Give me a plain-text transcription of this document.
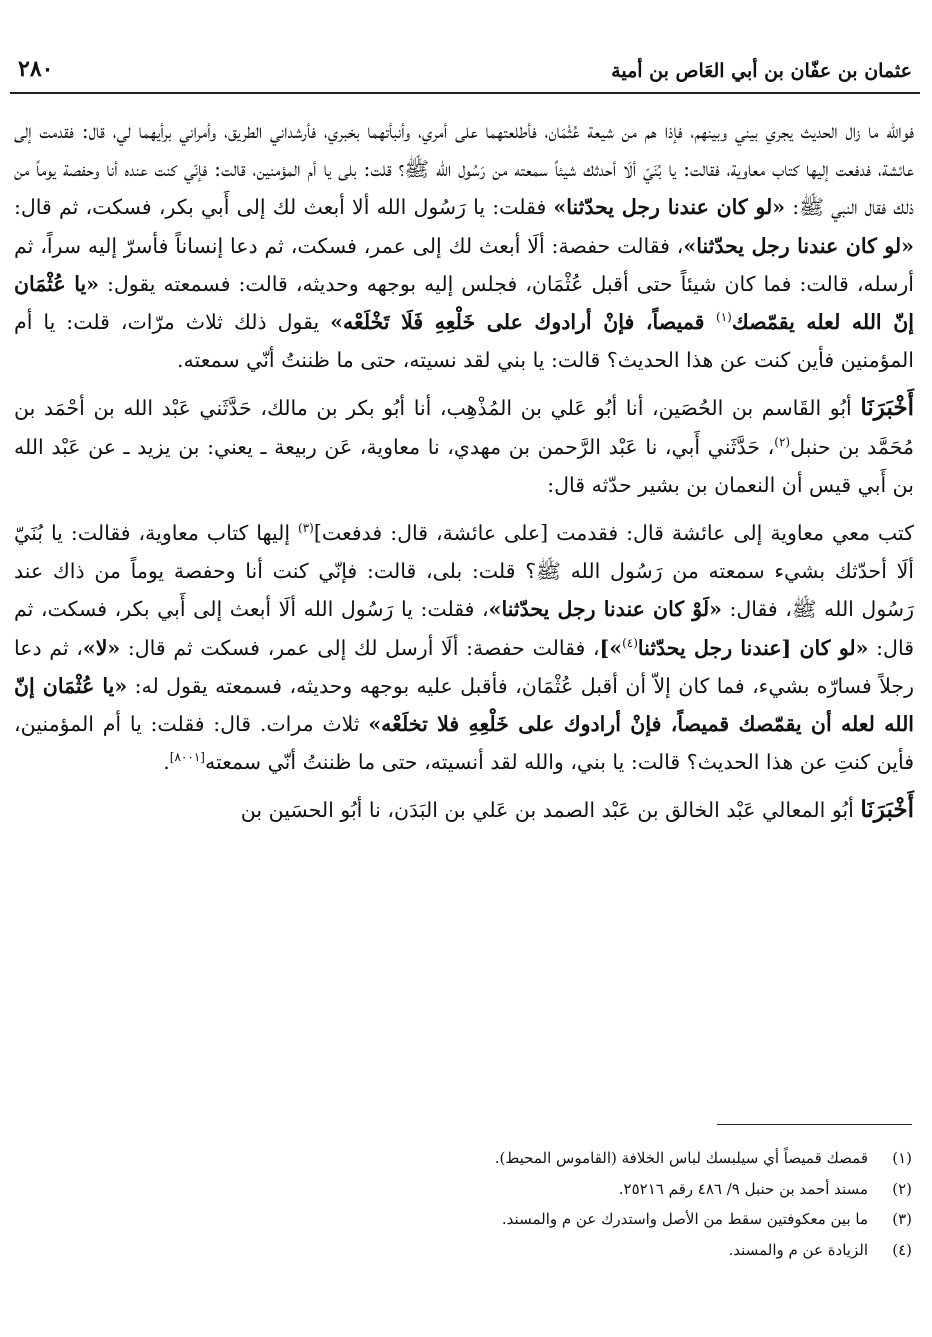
عثمان بن عفّان بن أبي العَاص بن أمية
٢٨٠

فوالله ما زال الحديث يجري بيني وبينهم، فإذا هم من شيعة عُثْمَان، فأطلعتهما على أمري، وأنبأتهما بخبري، فأرشداني الطريق، وأمراني برأيهما لي، قال: فقدمت إلى عائشة، فدفعت إليها كتاب معاوية، فقالت: يا بُنَيّ ألَا أحدثك شيئاً سمعته من رَسُول الله ﷺ؟ قلت: بلى يا أم المؤمنين، قالت: فإنّي كنت عنده أنا وحفصة يوماً من ذلك فقال النبي ﷺ: «لو كان عندنا رجل يحدّثنا» فقلت: يا رَسُول الله ألا أبعث لك إلى أَبي بكر، فسكت، ثم قال: «لو كان عندنا رجل يحدّثنا»، فقالت حفصة: ألَا أبعث لك إلى عمر، فسكت، ثم دعا إنساناً فأسرّ إليه سراً، ثم أرسله، قالت: فما كان شيئاً حتى أقبل عُثْمَان، فجلس إليه بوجهه وحديثه، قالت: فسمعته يقول: «يا عُثْمَان إنّ الله لعله يقمّصك$^{(١)}$ قميصاً، فإنْ أرادوك على خَلْعِهِ فَلَا تَخْلَعْه» يقول ذلك ثلاث مرّات، قلت: يا أم المؤمنين فأين كنت عن هذا الحديث؟ قالت: يا بني لقد نسيته، حتى ما ظننتُ أنّي سمعته.

أَخْبَرَنَا أبُو القَاسم بن الحُصَين، أنا أبُو عَلي بن المُذْهِب، أنا أبُو بكر بن مالك، حَدَّثَني عَبْد الله بن أحْمَد بن مُحَمَّد بن حنبل$^{(٢)}$، حَدَّثَني أَبي، نا عَبْد الرَّحمن بن مهدي، نا معاوية، عَن ربيعة ـ يعني: بن يزيد ـ عن عَبْد الله بن أَبي قيس أن النعمان بن بشير حدّثه قال:

كتب معي معاوية إلى عائشة قال: فقدمت [على عائشة، قال: فدفعت]$^{(٣)}$ إليها كتاب معاوية، فقالت: يا بُنَيّ ألَا أحدّثك بشيء سمعته من رَسُول الله ﷺ؟ قلت: بلى، قالت: فإنّي كنت أنا وحفصة يوماً من ذاك عند رَسُول الله ﷺ، فقال: «لَوْ كان عندنا رجل يحدّثنا»، فقلت: يا رَسُول الله ألَا أبعث إلى أَبي بكر، فسكت، ثم قال: «لو كان [عندنا رجل يحدّثنا$^{(٤)}$»]، فقالت حفصة: ألَا أرسل لك إلى عمر، فسكت ثم قال: «لا»، ثم دعا رجلاً فسارّه بشيء، فما كان إلاّ أن أقبل عُثْمَان، فأقبل عليه بوجهه وحديثه، فسمعته يقول له: «يا عُثْمَان إنّ الله لعله أن يقمّصك قميصاً، فإنْ أرادوك على خَلْعِهِ فلا تخلَعْه» ثلاث مرات. قال: فقلت: يا أم المؤمنين، فأين كنتِ عن هذا الحديث؟ قالت: يا بني، والله لقد أنسيته، حتى ما ظننتُ أنّي سمعته[٨٠٠١].

أَخْبَرَنَا أبُو المعالي عَبْد الخالق بن عَبْد الصمد بن عَلي بن البَدَن، نا أبُو الحسَين بن

(١)
قمصك قميصاً أي سيلبسك لباس الخلافة (القاموس المحيط).
(٢)
مسند أحمد بن حنبل ٩/ ٤٨٦ رقم ٢٥٢١٦.
(٣)
ما بين معكوفتين سقط من الأصل واستدرك عن م والمسند.
(٤)
الزيادة عن م والمسند.
